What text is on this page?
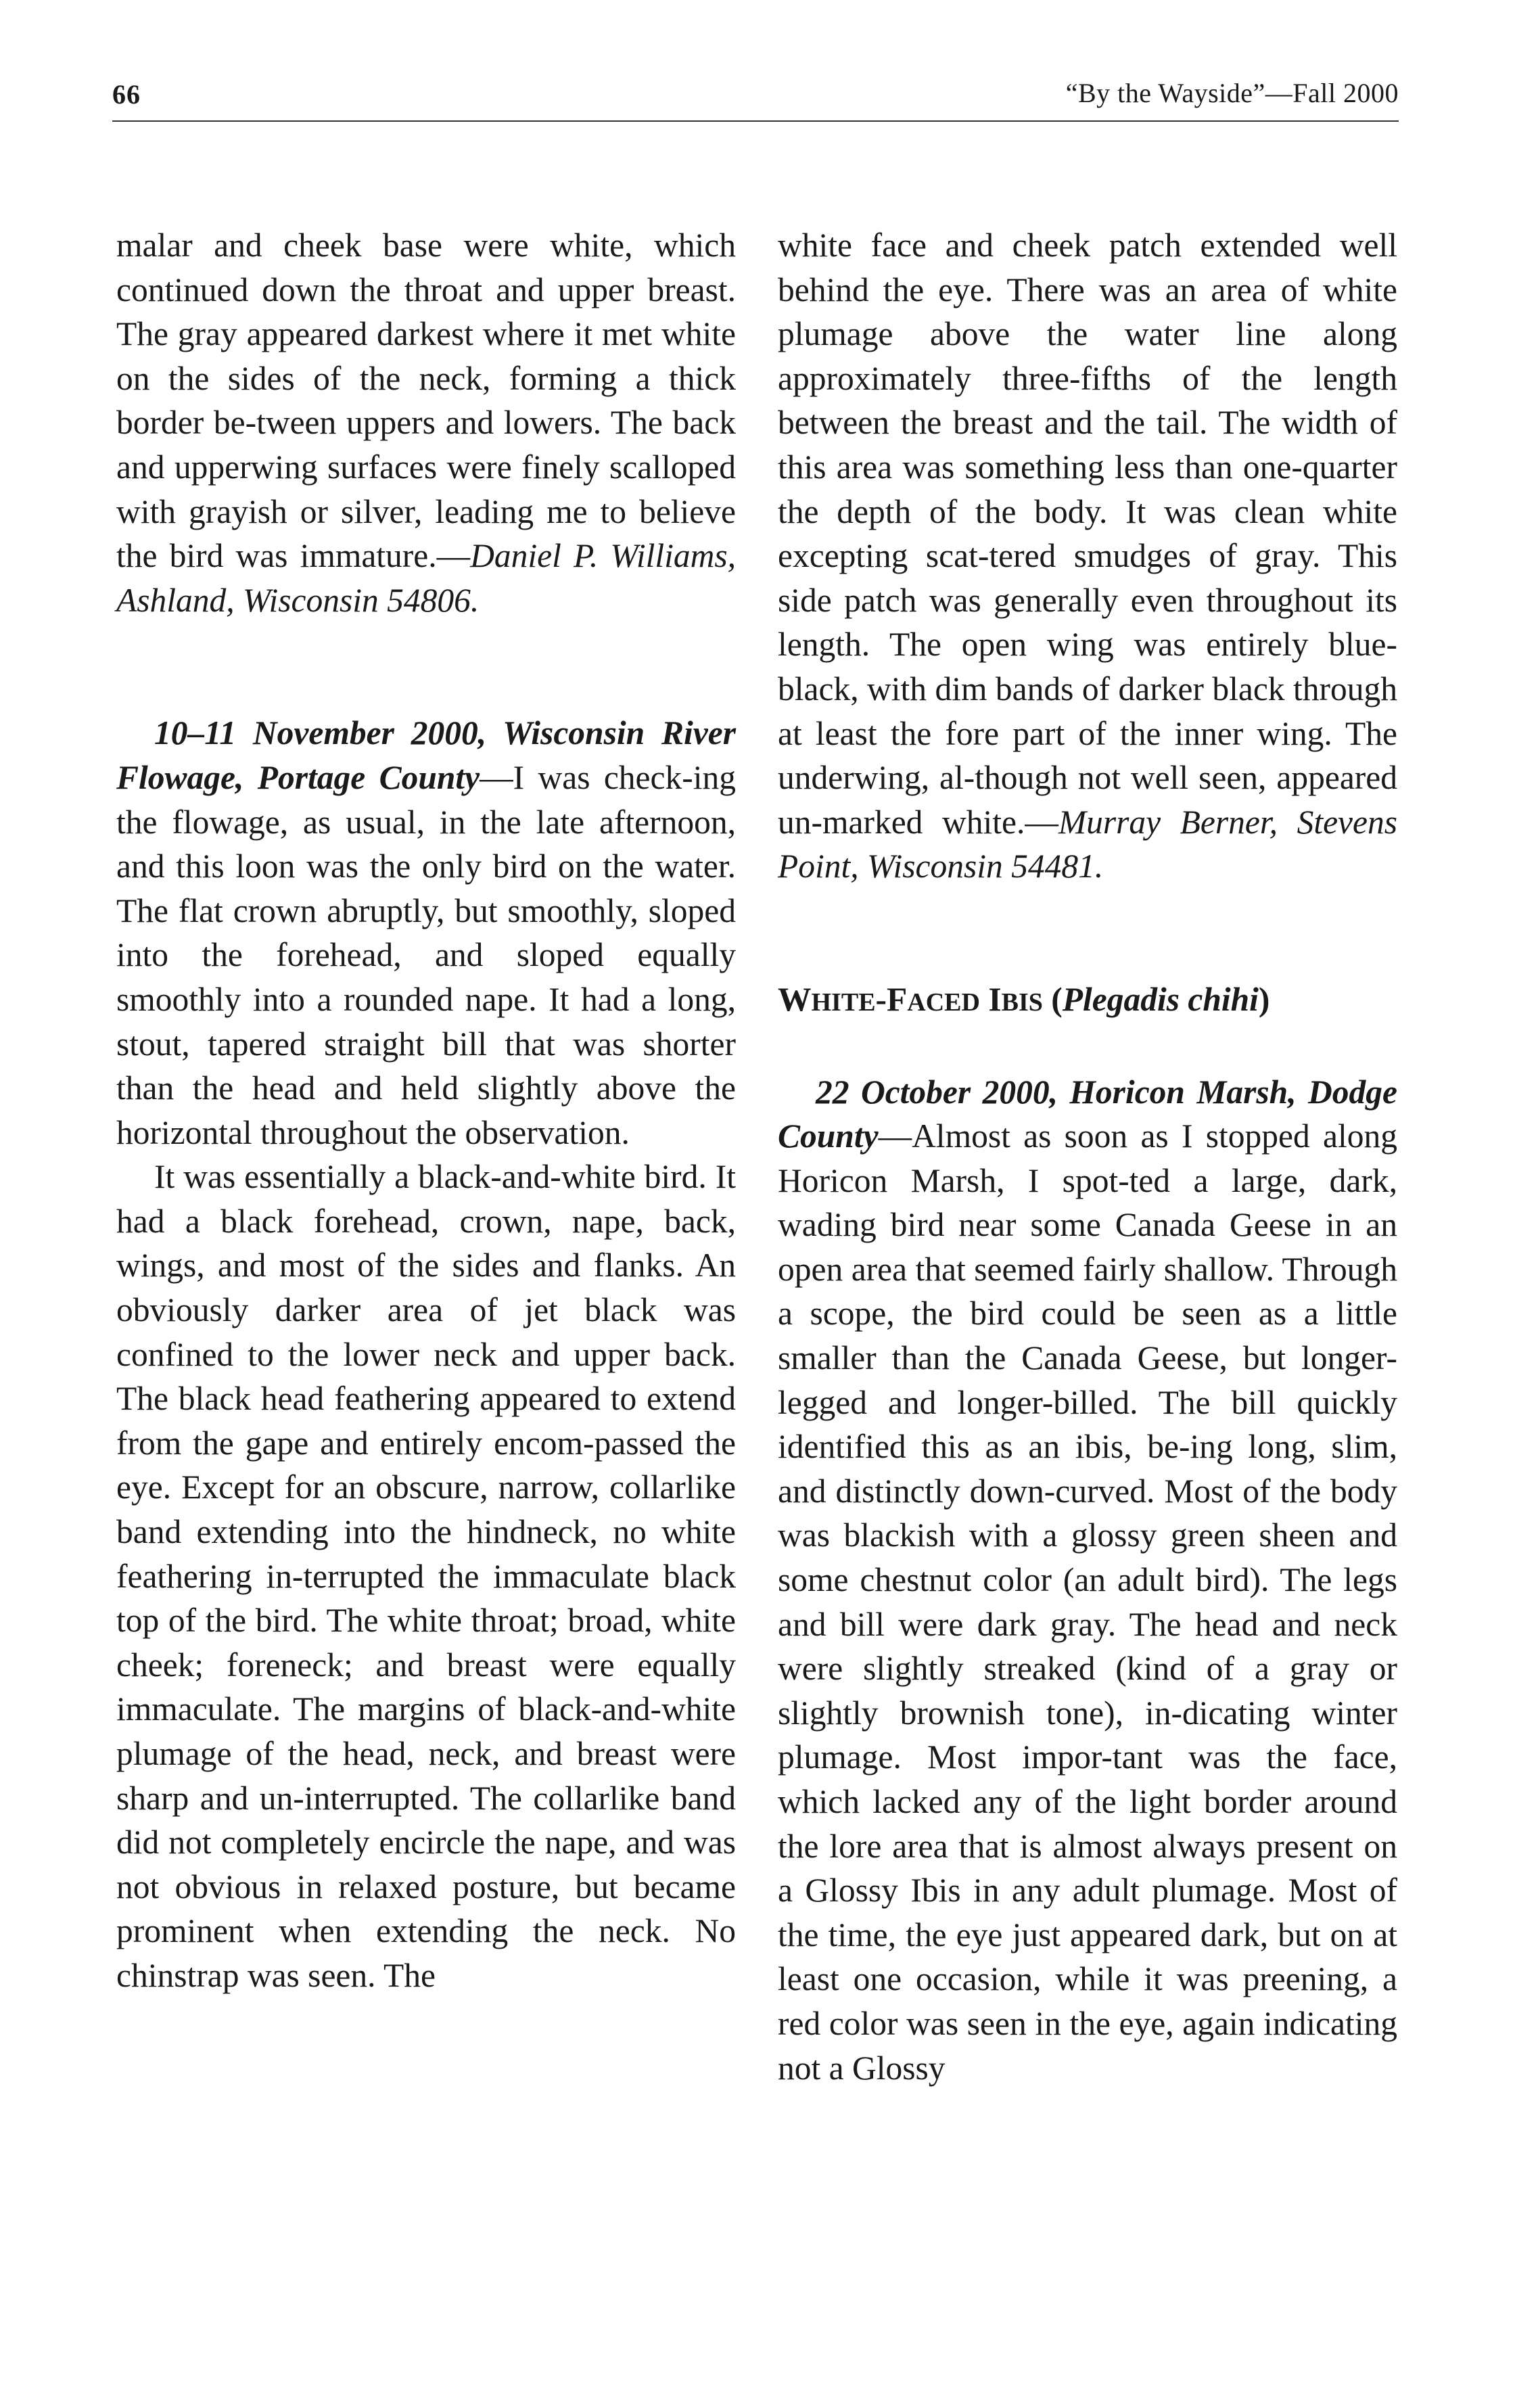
66	“By the Wayside”—Fall 2000

malar and cheek base were white, which continued down the throat and upper breast. The gray appeared darkest where it met white on the sides of the neck, forming a thick border be-tween uppers and lowers. The back and upperwing surfaces were finely scalloped with grayish or silver, leading me to believe the bird was immature.—Daniel P. Williams, Ashland, Wisconsin 54806.

10–11 November 2000, Wisconsin River Flowage, Portage County—I was check-ing the flowage, as usual, in the late afternoon, and this loon was the only bird on the water. The flat crown abruptly, but smoothly, sloped into the forehead, and sloped equally smoothly into a rounded nape. It had a long, stout, tapered straight bill that was shorter than the head and held slightly above the horizontal throughout the observation.

It was essentially a black-and-white bird. It had a black forehead, crown, nape, back, wings, and most of the sides and flanks. An obviously darker area of jet black was confined to the lower neck and upper back. The black head feathering appeared to extend from the gape and entirely encom-passed the eye. Except for an obscure, narrow, collarlike band extending into the hindneck, no white feathering in-terrupted the immaculate black top of the bird. The white throat; broad, white cheek; foreneck; and breast were equally immaculate. The margins of black-and-white plumage of the head, neck, and breast were sharp and un-interrupted. The collarlike band did not completely encircle the nape, and was not obvious in relaxed posture, but became prominent when extending the neck. No chinstrap was seen. The

white face and cheek patch extended well behind the eye. There was an area of white plumage above the water line along approximately three-fifths of the length between the breast and the tail. The width of this area was something less than one-quarter the depth of the body. It was clean white excepting scat-tered smudges of gray. This side patch was generally even throughout its length. The open wing was entirely blue-black, with dim bands of darker black through at least the fore part of the inner wing. The underwing, al-though not well seen, appeared un-marked white.—Murray Berner, Stevens Point, Wisconsin 54481.

WHITE-FACED IBIS (Plegadis chihi)

22 October 2000, Horicon Marsh, Dodge County—Almost as soon as I stopped along Horicon Marsh, I spot-ted a large, dark, wading bird near some Canada Geese in an open area that seemed fairly shallow. Through a scope, the bird could be seen as a little smaller than the Canada Geese, but longer-legged and longer-billed. The bill quickly identified this as an ibis, be-ing long, slim, and distinctly down-curved. Most of the body was blackish with a glossy green sheen and some chestnut color (an adult bird). The legs and bill were dark gray. The head and neck were slightly streaked (kind of a gray or slightly brownish tone), in-dicating winter plumage. Most impor-tant was the face, which lacked any of the light border around the lore area that is almost always present on a Glossy Ibis in any adult plumage. Most of the time, the eye just appeared dark, but on at least one occasion, while it was preening, a red color was seen in the eye, again indicating not a Glossy
